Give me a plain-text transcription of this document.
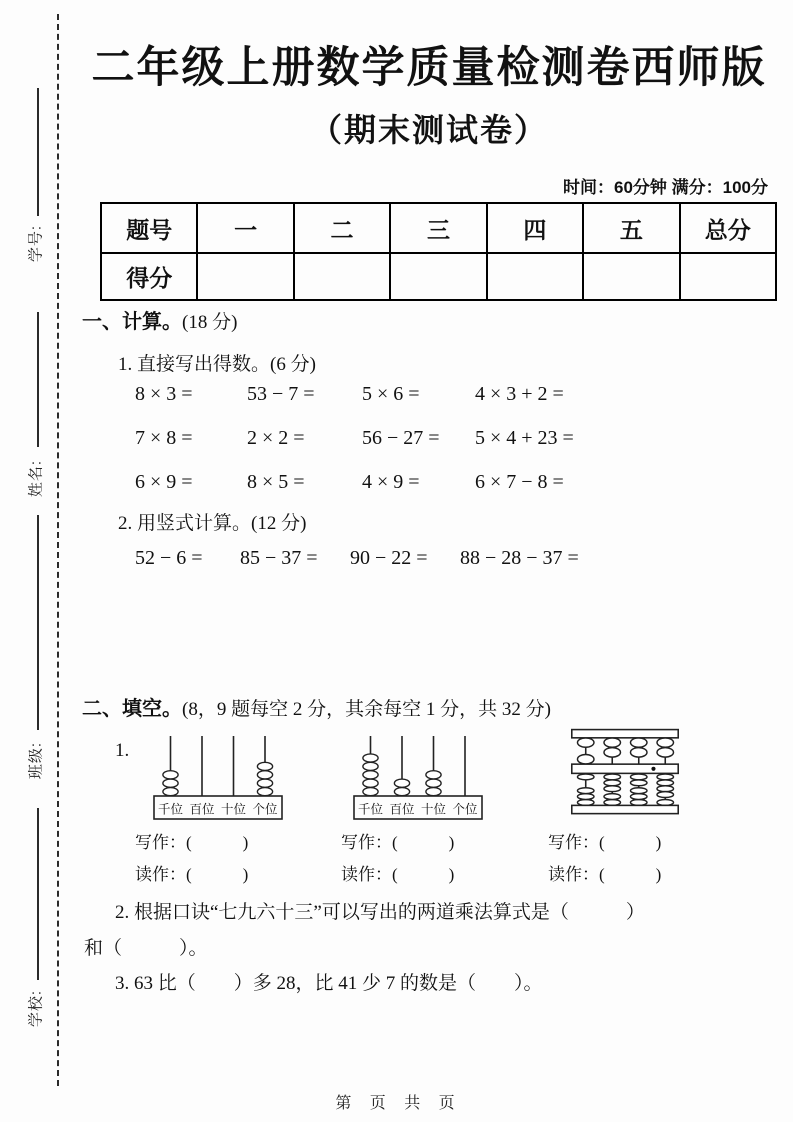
学号:
姓名:
班级:
学校:
二年级上册数学质量检测卷西师版
（期末测试卷）
时间：60分钟 满分：100分
题号	一	二	三	四	五	总分
得分						
一、计算。(18 分)
1. 直接写出得数。(6 分)
8 × 3 =	53 − 7 =	5 × 6 =	4 × 3 + 2 =
7 × 8 =	2 × 2 =	56 − 27 =	5 × 4 + 23 =
6 × 9 =	8 × 5 =	4 × 9 =	6 × 7 − 8 =
2. 用竖式计算。(12 分)
52 − 6 =	85 − 37 =	90 − 22 =	88 − 28 − 37 =
二、填空。(8，9 题每空 2 分，其余每空 1 分，共 32 分)
1.
千位 百位 十位 个位	千位 百位 十位 个位
写作：(　　　)	写作：(　　　)	写作：(　　　)
读作：(　　　)	读作：(　　　)	读作：(　　　)
2. 根据口诀“七九六十三”可以写出的两道乘法算式是（　　　）
和（　　　）。
3. 63 比（　　）多 28，比 41 少 7 的数是（　　）。
第 页 共 页
